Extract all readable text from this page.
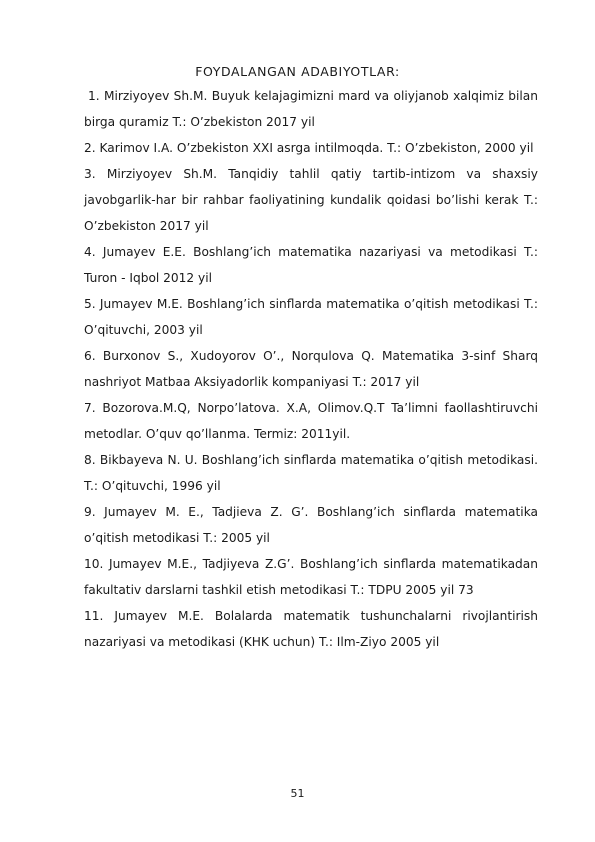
FOYDALANGAN ADABIYOTLAR:

1. Mirziyoyev Sh.M. Buyuk kelajagimizni mard va oliyjanob xalqimiz bilan birga quramiz T.: O’zbekiston 2017 yil

2. Karimov I.A. O’zbekiston XXI asrga intilmoqda. T.: O’zbekiston, 2000 yil

3. Mirziyoyev Sh.M. Tanqidiy tahlil qatiy tartib-intizom va shaxsiy javobgarlik-har bir rahbar faoliyatining kundalik qoidasi bo’lishi kerak T.: O’zbekiston 2017 yil

4. Jumayev E.E. Boshlang’ich matematika nazariyasi va metodikasi T.: Turon - Iqbol 2012 yil

5. Jumayev M.E. Boshlang’ich sinflarda matematika o’qitish metodikasi T.: O’qituvchi, 2003 yil

6. Burxonov S., Xudoyorov O’., Norqulova Q. Matematika 3-sinf Sharq nashriyot Matbaa Aksiyadorlik kompaniyasi T.: 2017 yil

7. Bozorova.M.Q, Norpo’latova. X.A, Olimov.Q.T Ta’limni faollashtiruvchi metodlar. O’quv qo’llanma. Termiz: 2011yil.

8. Bikbayeva N. U. Boshlang’ich sinflarda matematika o’qitish metodikasi. T.: O’qituvchi, 1996 yil

9. Jumayev M. E., Tadjieva Z. G’. Boshlang’ich sinflarda matematika o’qitish metodikasi T.: 2005 yil

10. Jumayev M.E., Tadjiyeva Z.G’. Boshlang’ich sinflarda matematikadan fakultativ darslarni tashkil etish metodikasi T.: TDPU 2005 yil 73

11. Jumayev M.E. Bolalarda matematik tushunchalarni rivojlantirish nazariyasi va metodikasi (KHK uchun) T.: Ilm-Ziyo 2005 yil

51
